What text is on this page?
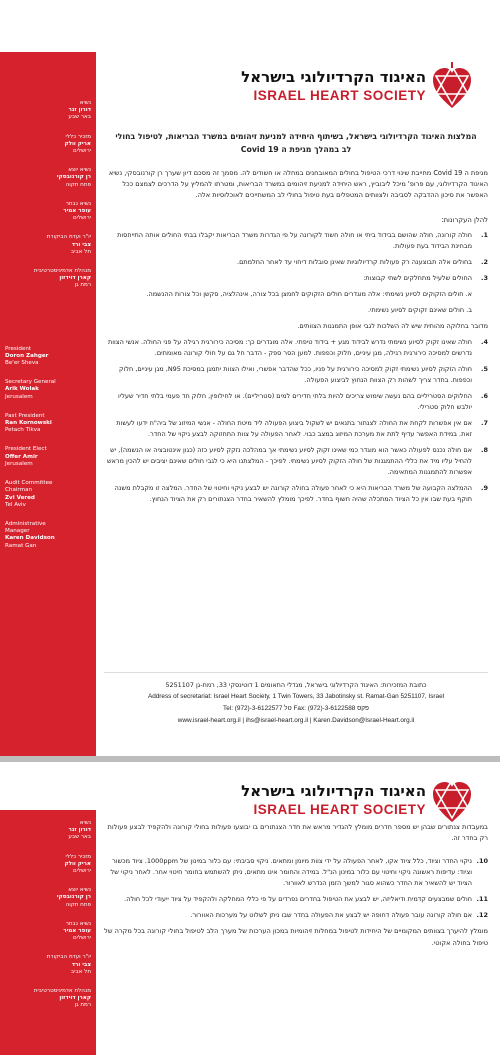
נשיא
דורון זגר
באר שבע
מזכיר כללי
אריק וולק
ירושלים
נשיא יוצא
רן קורנובסקי
פתח תקוה
נשיא נבחר
עופר אמיר
ירושלים
יו"ר ועדת הביקורת
צבי ורד
תל אביב
מנהלת אדמיניסטרטיבית
קארן דוידזון
רמת גן
President
Doron Zahger
Be'er Sheva
Secretary General
Arik Wolak
Jerusalem
Past President
Ran Kornowski
Petach Tikva
President Elect
Offer Amir
Jerusalem
Audit Committee
Chairman
Zvi Vered
Tel Aviv
Administrative
Manager
Karen Davidson
Ramat Gan
האיגוד הקרדיולוגי בישראל
ISRAEL HEART SOCIETY
המלצות האיגוד הקרדיולוגי בישראל, בשיתוף היחידה למניעת זיהומים במשרד הבריאות, לטיפול בחולי לב במהלך מגיפת ה Covid 19

מגיפת ה Covid 19 מחייבת שינוי דרכי הטיפול בחולים המאובחנים במחלה או חשודים לה. מסמך זה מסכם דיון שערך רן קורנובסקי, נשיא האיגוד הקרדיולוגי, עם פרופ' מיכל ליבוביץ, ראש היחידה למניעת זיהומים במשרד הבריאות, ומטרתו להמליץ על הדרכים לצמצם ככל האפשר את סיכון ההדבקה לסביבה ולצוותים המטפלים בעת טיפול בחולי לב המשתייכים לאוכלוסיות אלה.

להלן העקרונות:

1.
חולה קורונה, חולה שהושם בבידוד ביתי או חולה חשוד לקורונה על פי הגדרות משרד הבריאות יקבלו בבתי החולים אותה התייחסות מבחינת הבידוד בעת פעולות.
2.
בחולים אלה תבוצענה רק פעולות קרדיולוגיות שאינן סובלות דיחוי עד לאחר החלמתם.
3.
החולים שלעיל מתחלקים לשתי קבוצות:
א. חולים הזקוקים לסיוע נשימתי: אלה מוגדרים חולים הזקוקים לחמצן בכל צורה, אינהלציה, סקשן וכל צורות ההנשמה.
ב. חולים שאינם זקוקים לסיוע נשימתי.
מדובר בחלוקה מהותית שיש לה השלכות לגבי אופן התמגנות הצוותים.
4.
חולה שאינו זקוק לסיוע נשימתי נדרש לבידוד מגע + בידוד טיפתי. אלה מוגדרים כך: מסיכה כירורגית רגילה על פני החולה. אנשי הצוות נדרשים למסיכה כירורגית רגילה, מגן עיניים, חלוק וכפפות. למען הסר ספק - הדבר חל גם על חולי קורונה מאומתים.
5.
חולה הזקוק לסיוע נשימתי זקוק למסיכה כירורגית על פניו, ככל שהדבר אפשרי, ואילו הצוות יתמגן במסיכת N95, מגן עיניים, חלוק וכפפות. בחדר צריך לשהות רק הצוות הנחוץ לביצוע הפעולה.
6.
החלוקים הסטריליים בהם נעשה שימוש צריכים להיות בלתי חדירים למים (סטריליים). או לחילופין, חלוק חד פעמי בלתי חדיר שעליו יולבש חלוק סטרילי.
7.
אם אין אפשרות לקחת את החולה לצנתור בתנאים יש לשקול ביצוע הפעולה ליד מיטת החולה - אנשי המיזוג של ביה"ח ידעו לעשות זאת. במידת האפשר עדיף לתת את מערכת המיזוג במצב כבוי. לאחר הפעולה על צוות התחזוקה לבצע ניקוי של החדר.
8.
אם חולה נכנס לפעולה כאשר הוא מוגדר כמי שאינו זקוק לסיוע נשימתי אך במהלכה נזקק לסיוע כזה (כגון אינטובציה או הנשמה), יש להחיל עליו מיד את כללי ההתמגנות של חולה הזקוק לסיוע נשימתי. לפיכך - המלצתנו היא כי לגבי חולים שאינם יציבים יש להכין מראש אפשרות להתמגנות המתאימה.
9.
ההמלצה הקבועה של משרד הבריאות היא כי לאחר פעולה בחולה קורונה יש לבצע ניקוי וחיטוי של החדר. המלצה זו מקבלת משנה תוקף בעת שבו אין כל הציוד המתכלה שהיה חשוף בחדר. לפיכך מומלץ להשאיר בחדר הצנתורים רק את הציוד הנחוץ.
כתובת המזכירות: האיגוד הקרדיולוגי בישראל, מגדלי התאומים 1 דוטינסקי 33, רמת-גן 5251107
Address of secretariat: Israel Heart Society, 1 Twin Towers, 33 Jabotinsky st. Ramat-Gan 5251107, Israel
Tel: (972)-3-6122577 טל Fax: (972)-3-6122588 פקס
www.israel-heart.org.il | ihs@israel-heart.org.il | Karen.Davidson@Israel-Heart.org.il
נשיא
דורון זגר
באר שבע
מזכיר כללי
אריק וולק
ירושלים
נשיא יוצא
רן קורנובסקי
פתח תקוה
נשיא נבחר
עופר אמיר
ירושלים
יו"ר ועדת הביקורת
צבי ורד
תל אביב
מנהלת אדמיניסטרטיבית
קארן דוידזון
רמת גן
האיגוד הקרדיולוגי בישראל
ISRAEL HEART SOCIETY

במעבדות צנתורים שבהן יש מספר חדרים מומלץ להגדיר מראש את חדר הצנתורים בו יבוצעו פעולות בחולי קורונה ולהקפיד לבצע פעולות רק בחדר זה.

10.
ניקוי החדר וציוד, כלל ציוד אקו, לאחר הפעולה על ידי צוות מיומן ומתאים. ניקוי סביבתי: עם כלור במינון של 1000ppm. ציוד מכשור וציוד: עדיפות ראשונה ניקוי וחיטוי עם כלור במינון הנ"ל. במידה והחומר אינו מתאים, ניתן להשתמש בחומר חיטוי אחר. לאחר ניקוי של הציוד יש להשאיר את החדר כשהוא סגור למשך הזמן הנדרש לאוורור.
11.
חולים שמבצעים קדמית ודיאליזה, יש לבצע את הטיפול בחדרים נפרדים על פי כללי המחלקה ולהקפיד על ציוד ייעודי לכל חולה.
12.
אם חולה קורונה עובר פעולה דחופה יש לבצע את הפעולה בחדר שבו ניתן לשלוט על מערכות האוורור.

מומלץ להיערך בצוותים המקומיים של היחידות לטיפול במחלות זיהומיות במכון הערכות של מערך הלב לטיפול בחולי קורונה בכל מקרה של טיפול בחולה אקוטי.
